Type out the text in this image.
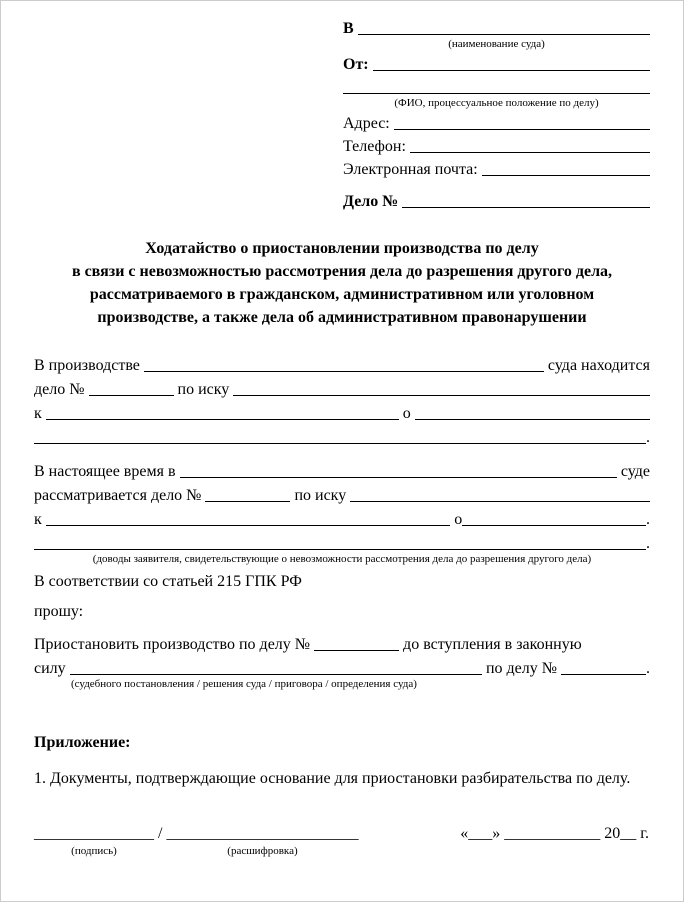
В
(наименование суда)
От:
(ФИО, процессуальное положение по делу)
Адрес:
Телефон:
Электронная почта:
Дело №
Ходатайство о приостановлении производства по делу
в связи с невозможностью рассмотрения дела до разрешения другого дела,
рассматриваемого в гражданском, административном или уголовном
производстве, а также дела об административном правонарушении
В производстве	суда находится
дело №	по иску
к	о
.
В настоящее время в	суде
рассматривается дело №	по иску
к	о	.
.
(доводы заявителя, свидетельствующие о невозможности рассмотрения дела до разрешения другого дела)
В соответствии со статьей 215 ГПК РФ
прошу:
Приостановить производство по делу №	до вступления в законную
силу	по делу №	.
(судебного постановления / решения суда / приговора / определения суда)
Приложение:
1. Документы, подтверждающие основание для приостановки разбирательства по делу.
_______________
(подпись)
/ ________________________
(расшифровка)
«___» ____________ 20__ г.
